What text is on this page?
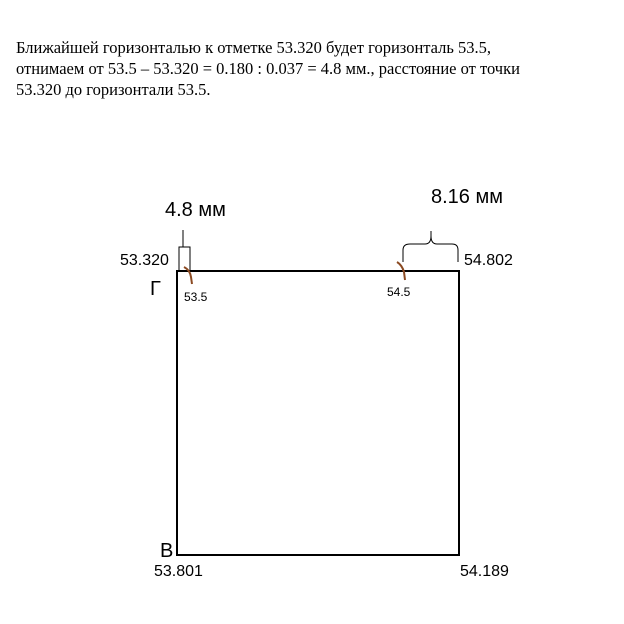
Ближайшей горизонталью к отметке 53.320 будет горизонталь 53.5,
отнимаем от 53.5 – 53.320 = 0.180 : 0.037 = 4.8 мм., расстояние от точки
53.320 до горизонтали 53.5.
4.8 мм
8.16 мм
53.320	54.802
53.801	54.189
Г
В
53.5	54.5
